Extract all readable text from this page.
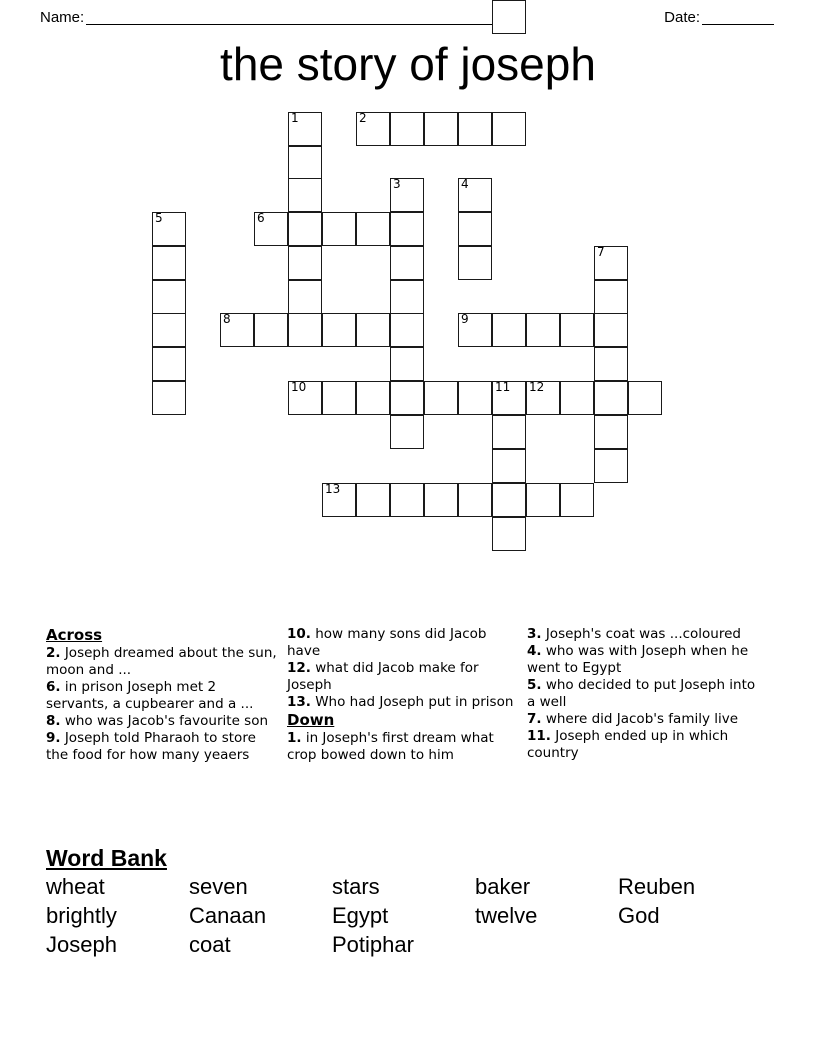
Name:	Date:
the story of joseph
1	2
3	4
5	6
7
8	9
10	11 12
13
Across

2. Joseph dreamed about the sun, moon and ...

6. in prison Joseph met 2 servants, a cupbearer and a ...

8. who was Jacob's favourite son

9. Joseph told Pharaoh to store the food for how many yeaers

10. how many sons did Jacob have

12. what did Jacob make for Joseph

13. Who had Joseph put in prison

Down

1. in Joseph's first dream what crop bowed down to him

3. Joseph's coat was ...coloured

4. who was with Joseph when he went to Egypt

5. who decided to put Joseph into a well

7. where did Jacob's family live

11. Joseph ended up in which country

Word Bank
wheat	seven	stars	baker	Reuben
brightly	Canaan	Egypt	twelve	God
Joseph	coat	Potiphar
